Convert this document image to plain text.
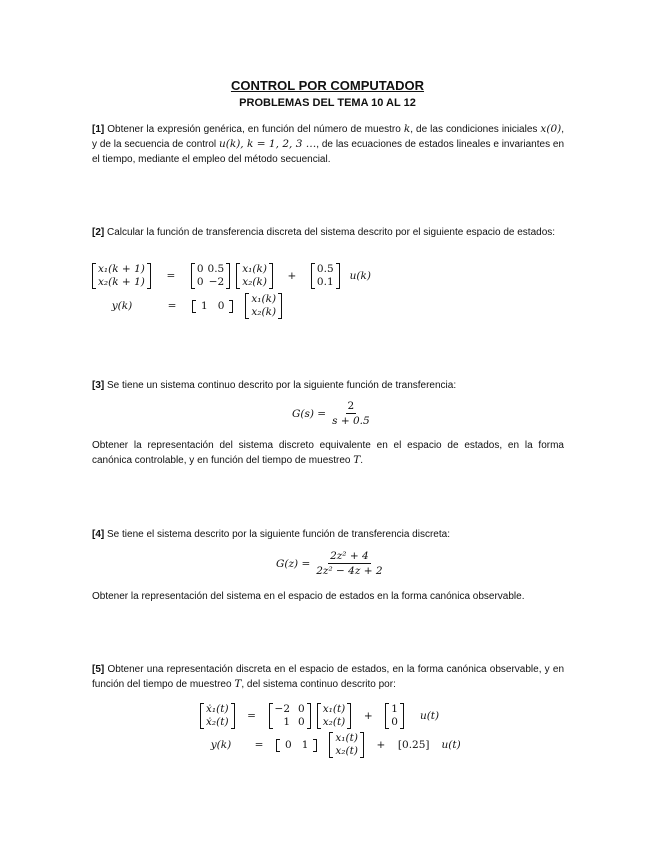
CONTROL POR COMPUTADOR
PROBLEMAS DEL TEMA 10 AL 12
[1] Obtener la expresión genérica, en función del número de muestro k, de las condiciones iniciales x(0), y de la secuencia de control u(k), k = 1, 2, 3 …, de las ecuaciones de estados lineales e invariantes en el tiempo, mediante el empleo del método secuencial.
[2] Calcular la función de transferencia discreta del sistema descrito por el siguiente espacio de estados:
x₁(k + 1)
x₂(k + 1)	=
0	0.5
0	−2
x₁(k)
x₂(k)	+
0.5
0.1 u(k)
y(k)	=	1	0
x₁(k)
x₂(k)
[3] Se tiene un sistema continuo descrito por la siguiente función de transferencia:
$G(s) = \frac{2}{s + 0.5}$
Obtener la representación del sistema discreto equivalente en el espacio de estados, en la forma canónica controlable, y en función del tiempo de muestreo T.
[4] Se tiene el sistema descrito por la siguiente función de transferencia discreta:
$G(z) = \frac{\text{2z² + 4}}{\text{2z² − 4z + 2}}$
Obtener la representación del sistema en el espacio de estados en la forma canónica observable.
[5] Obtener una representación discreta en el espacio de estados, en la forma canónica observable, y en función del tiempo de muestreo T, del sistema continuo descrito por:
ẋ₁(t)
ẋ₂(t)	=
−2	0
1	0
x₁(t)
x₂(t)	+
1
0 u(t)
y(k)	=	0	1
x₁(t)
x₂(t)	+	[0.25] u(t)
